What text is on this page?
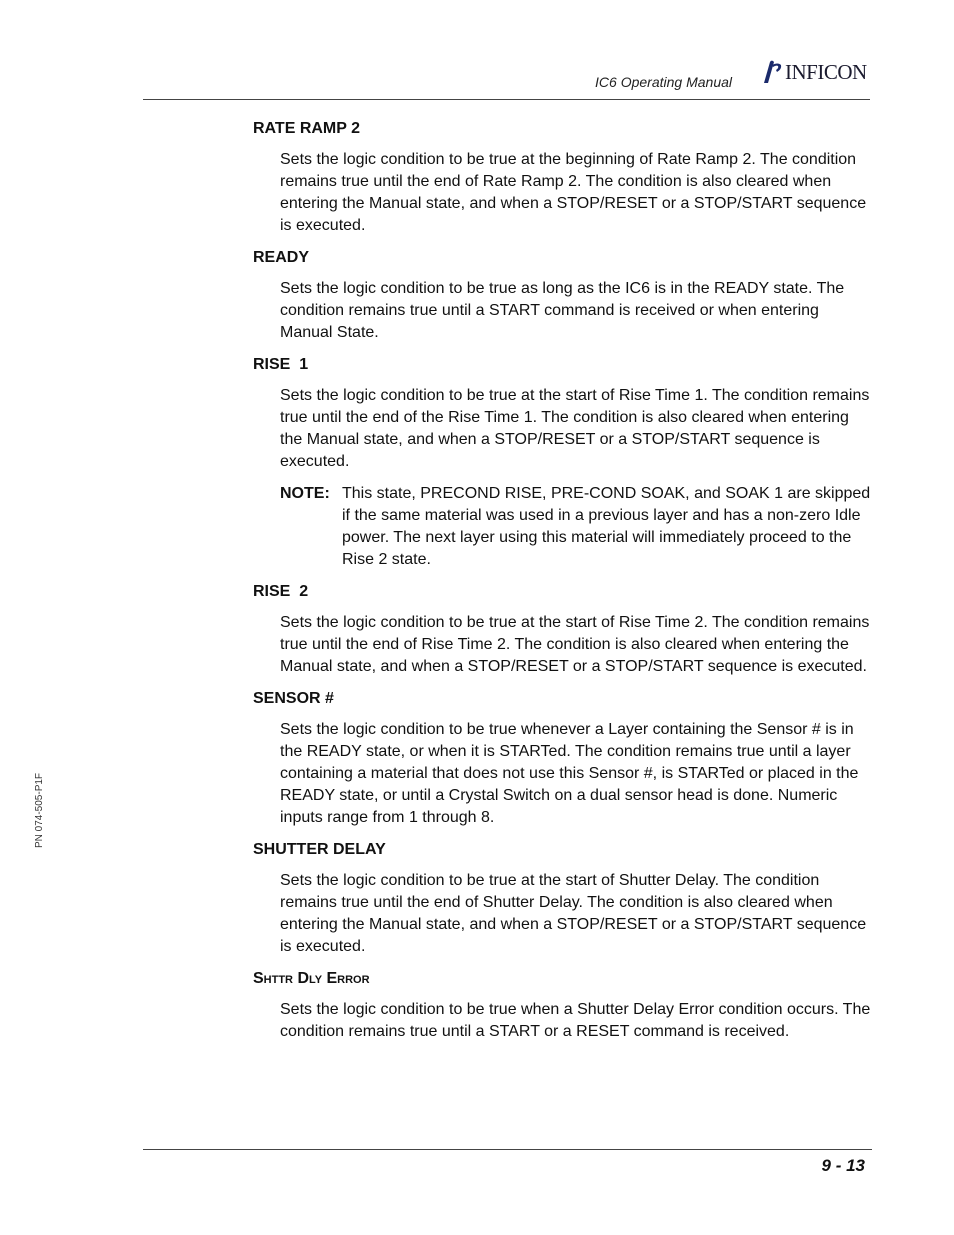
IC6 Operating Manual	INFICON
PN 074-505-P1F
RATE RAMP 2
Sets the logic condition to be true at the beginning of Rate Ramp 2. The condition remains true until the end of Rate Ramp 2. The condition is also cleared when entering the Manual state, and when a STOP/RESET or a STOP/START sequence is executed.
READY
Sets the logic condition to be true as long as the IC6 is in the READY state. The condition remains true until a START command is received or when entering Manual State.
RISE  1
Sets the logic condition to be true at the start of Rise Time 1. The condition remains true until the end of the Rise Time 1. The condition is also cleared when entering the Manual state, and when a STOP/RESET or a STOP/START sequence is executed.
NOTE: This state, PRECOND RISE, PRE-COND SOAK, and SOAK 1 are skipped if the same material was used in a previous layer and has a non-zero Idle power. The next layer using this material will immediately proceed to the Rise 2 state.
RISE  2
Sets the logic condition to be true at the start of Rise Time 2. The condition remains true until the end of Rise Time 2. The condition is also cleared when entering the Manual state, and when a STOP/RESET or a STOP/START sequence is executed.
SENSOR #
Sets the logic condition to be true whenever a Layer containing the Sensor # is in the READY state, or when it is STARTed. The condition remains true until a layer containing a material that does not use this Sensor #, is STARTed or placed in the READY state, or until a Crystal Switch on a dual sensor head is done. Numeric inputs range from 1 through 8.
SHUTTER DELAY
Sets the logic condition to be true at the start of Shutter Delay. The condition remains true until the end of Shutter Delay. The condition is also cleared when entering the Manual state, and when a STOP/RESET or a STOP/START sequence is executed.
Shttr Dly Error
Sets the logic condition to be true when a Shutter Delay Error condition occurs. The condition remains true until a START or a RESET command is received.
9 - 13
